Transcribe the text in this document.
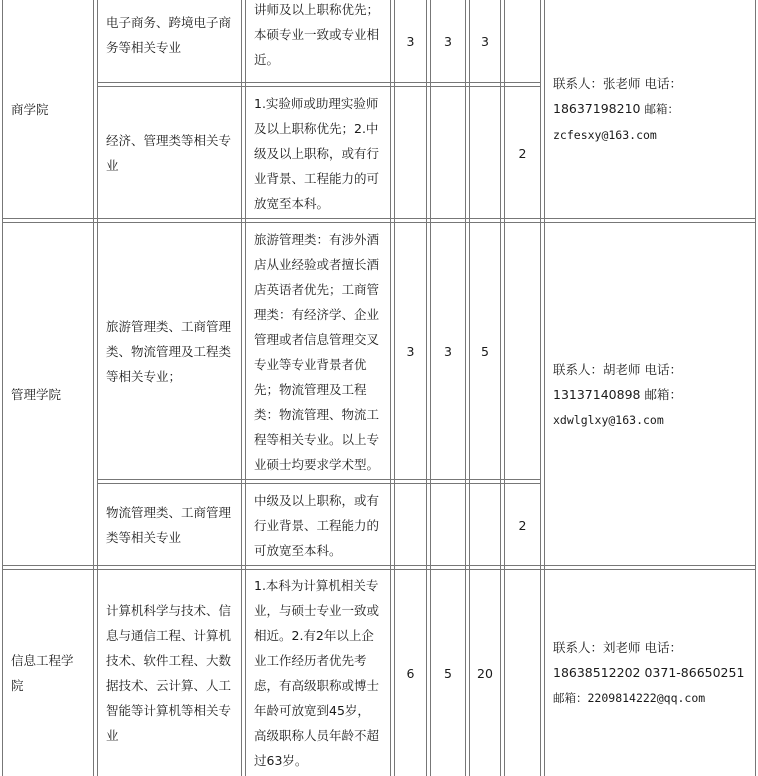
商学院
电子商务、跨境电子商务等相关专业
讲师及以上职称优先；本硕专业一致或专业相近。
3 3 3
经济、管理类等相关专业
1.实验师或助理实验师及以上职称优先；2.中级及以上职称，或有行业背景、工程能力的可放宽至本科。
2
联系人：张老师 电话：18637198210 邮箱：zcfesxy@163.com
管理学院
旅游管理类、工商管理类、物流管理及工程类等相关专业；
旅游管理类：有涉外酒店从业经验或者擅长酒店英语者优先；工商管理类：有经济学、企业管理或者信息管理交叉专业等专业背景者优先；物流管理及工程类：物流管理、物流工程等相关专业。以上专业硕士均要求学术型。
3 3 5
物流管理类、工商管理类等相关专业
中级及以上职称，或有行业背景、工程能力的可放宽至本科。
2
联系人：胡老师 电话：13137140898 邮箱： xdwlglxy@163.com
信息工程学院
计算机科学与技术、信息与通信工程、计算机技术、软件工程、大数据技术、云计算、人工智能等计算机等相关专业
1.本科为计算机相关专业，与硕士专业一致或相近。2.有2年以上企业工作经历者优先考虑，有高级职称或博士年龄可放宽到45岁，高级职称人员年龄不超过63岁。
6 5 20
联系人：刘老师 电话：18638512202 0371-86650251 邮箱：2209814222@qq.com
